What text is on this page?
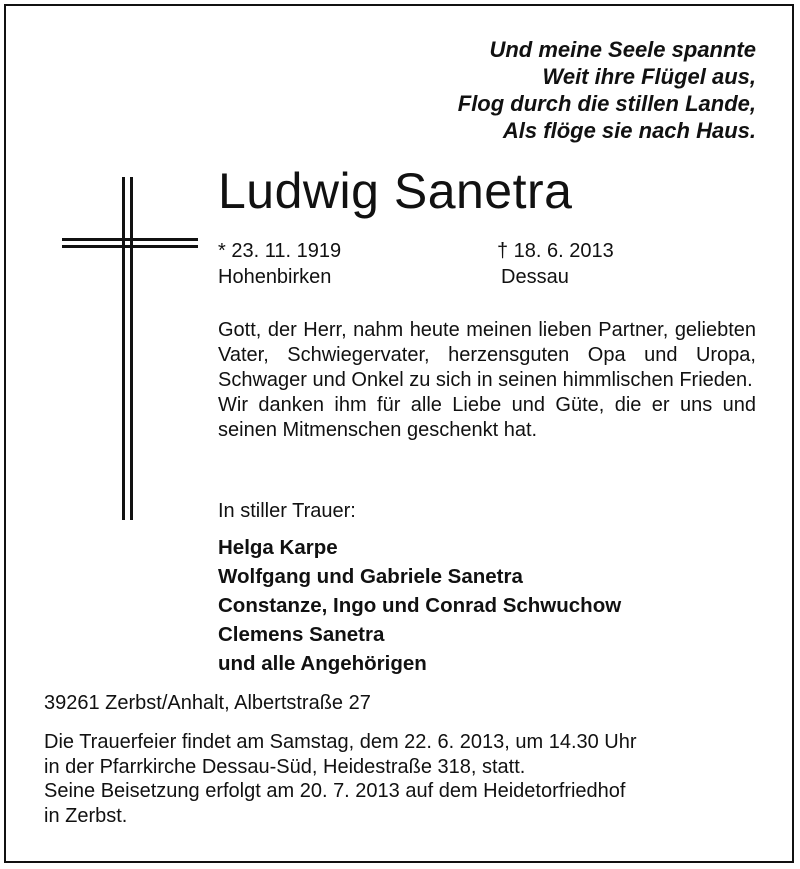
Und meine Seele spannte
Weit ihre Flügel aus,
Flog durch die stillen Lande,
Als flöge sie nach Haus.
Ludwig Sanetra
* 23. 11. 1919
Hohenbirken
† 18. 6. 2013
Dessau

Gott, der Herr, nahm heute meinen lieben Partner, geliebten Vater, Schwiegervater, herzensguten Opa und Uropa, Schwager und Onkel zu sich in seinen himmlischen Frieden.

Wir danken ihm für alle Liebe und Güte, die er uns und seinen Mitmenschen geschenkt hat.

In stiller Trauer:
Helga Karpe
Wolfgang und Gabriele Sanetra
Constanze, Ingo und Conrad Schwuchow
Clemens Sanetra
und alle Angehörigen
39261 Zerbst/Anhalt, Albertstraße 27
Die Trauerfeier findet am Samstag, dem 22. 6. 2013, um 14.30 Uhr
in der Pfarrkirche Dessau-Süd, Heidestraße 318, statt.
Seine Beisetzung erfolgt am 20. 7. 2013 auf dem Heidetorfriedhof
in Zerbst.
